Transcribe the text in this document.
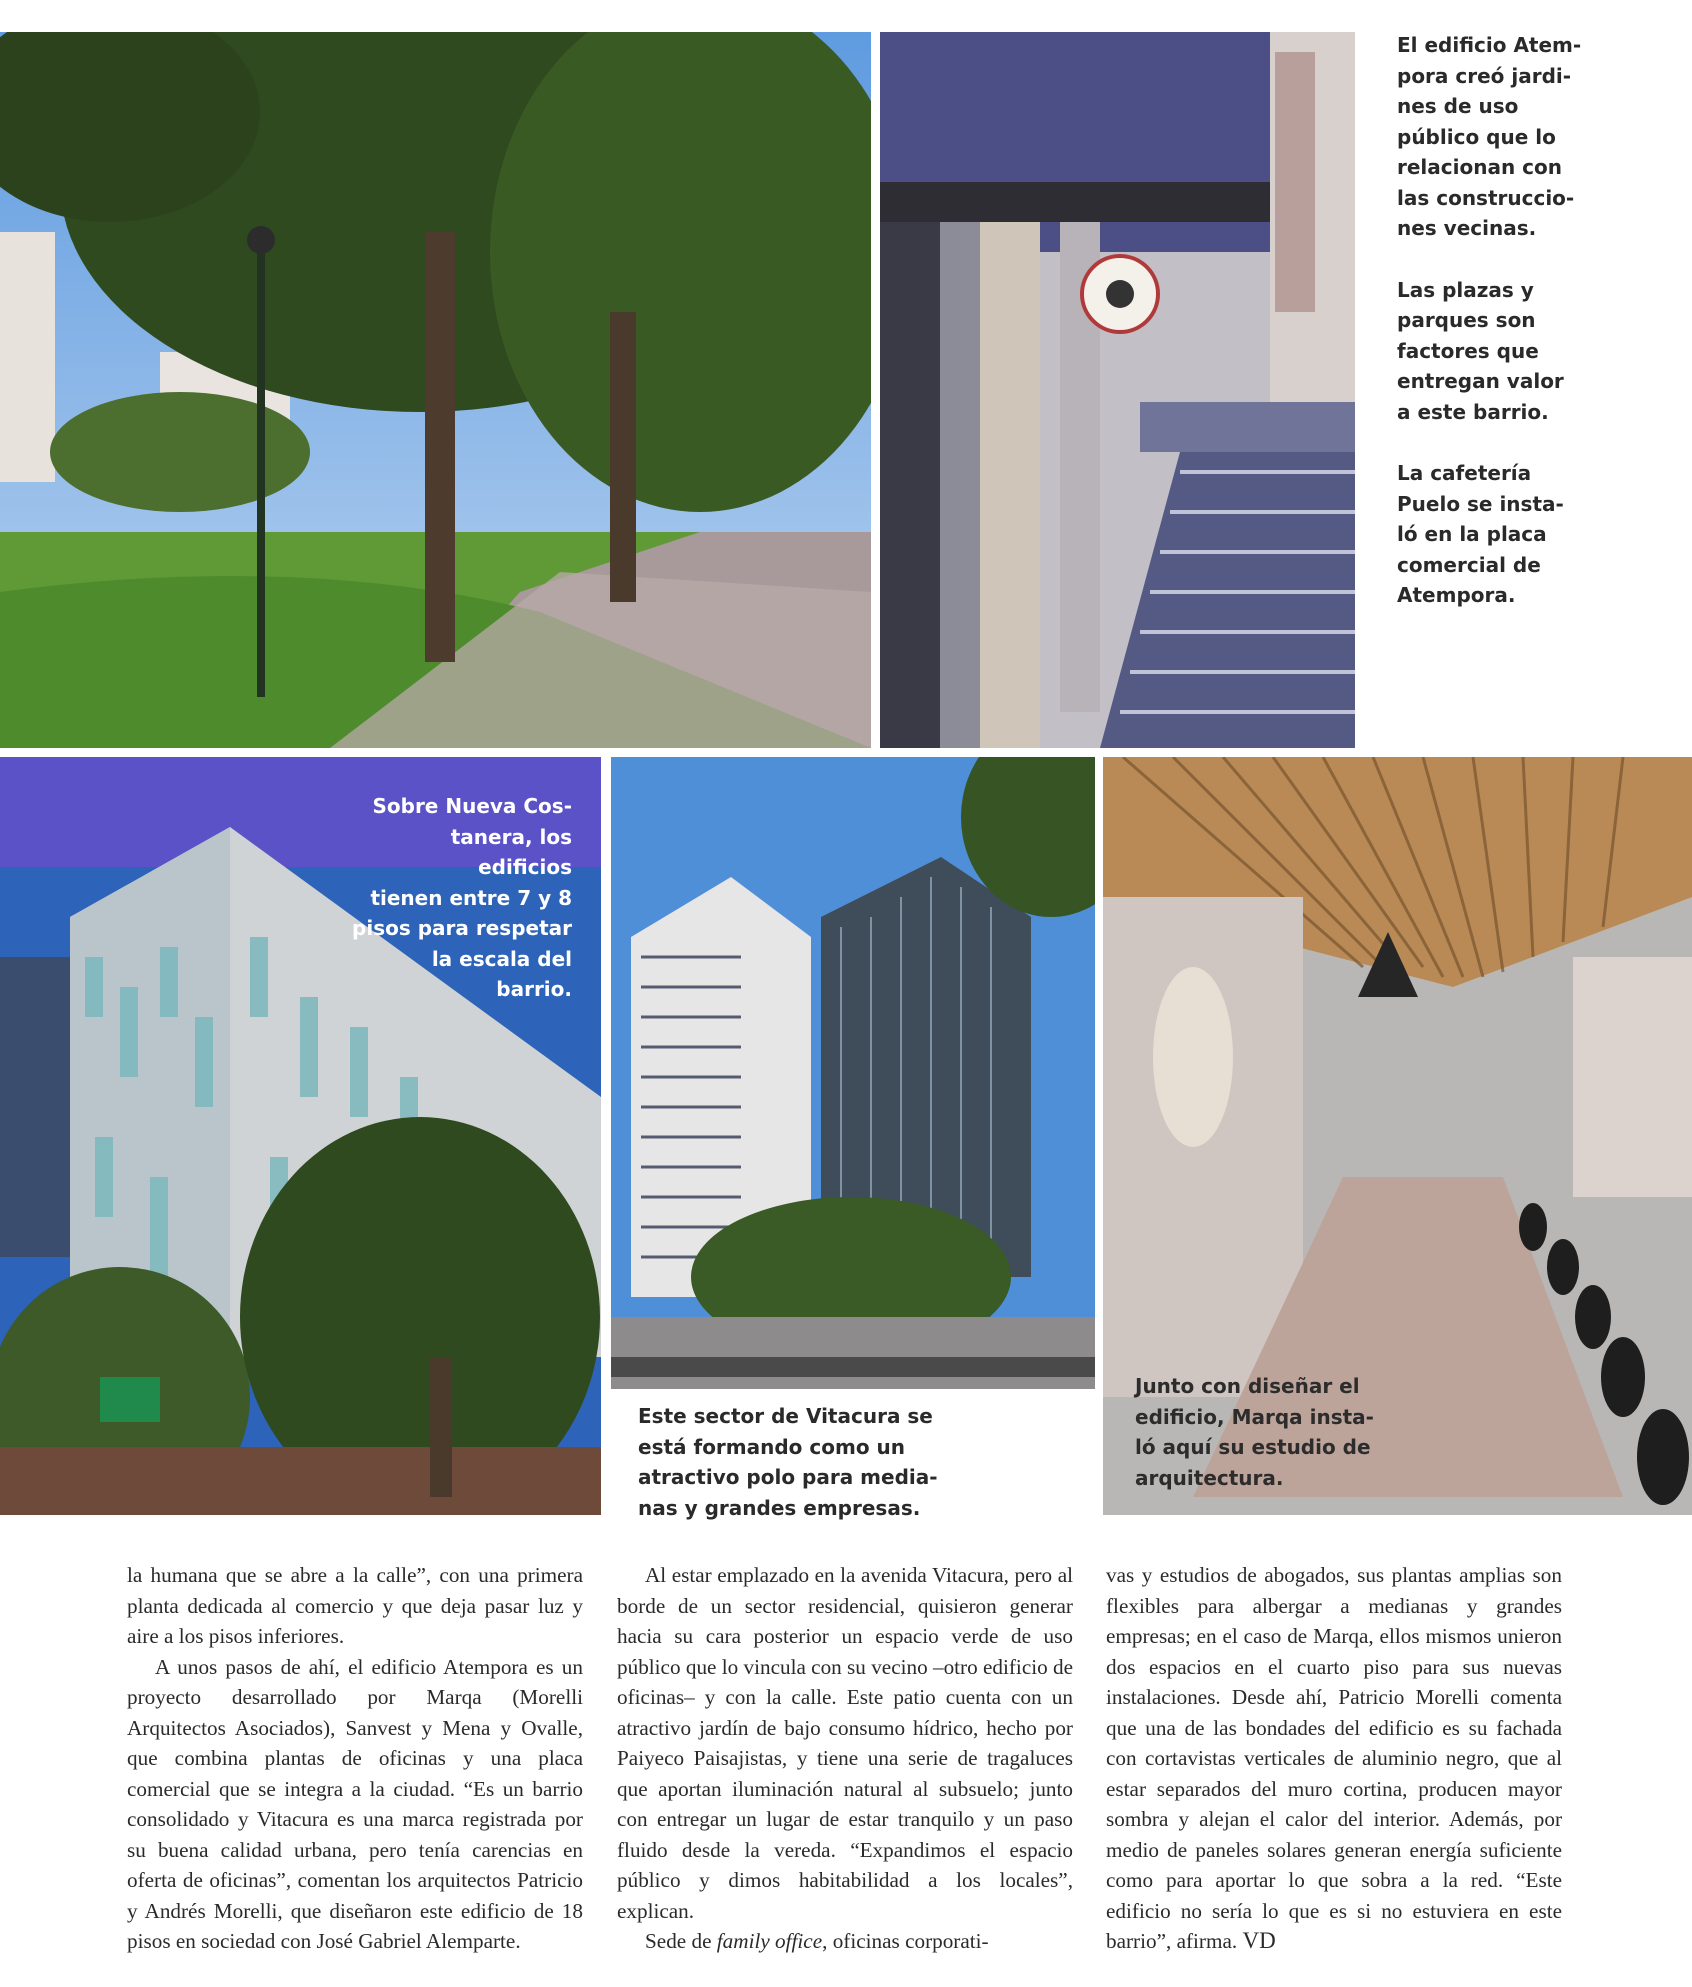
El edificio Atem-
pora creó jardi-
nes de uso
público que lo
relacionan con
las construccio-
nes vecinas.

Las plazas y
parques son
factores que
entregan valor
a este barrio.

La cafetería
Puelo se insta-
ló en la placa
comercial de
Atempora.

Sobre Nueva Cos-
tanera, los edificios
tienen entre 7 y 8
pisos para respetar
la escala del barrio.
Este sector de Vitacura se
está formando como un
atractivo polo para media-
nas y grandes empresas.
Junto con diseñar el
edificio, Marqa insta-
ló aquí su estudio de
arquitectura.

la humana que se abre a la calle”, con una primera planta dedicada al comercio y que deja pasar luz y aire a los pisos inferiores.

A unos pasos de ahí, el edificio Atempora es un proyecto desarrollado por Marqa (Morelli Arquitectos Asociados), Sanvest y Mena y Ovalle, que combina plantas de oficinas y una placa comercial que se integra a la ciudad. “Es un barrio consolidado y Vitacura es una marca registrada por su buena calidad urbana, pero tenía carencias en oferta de oficinas”, comentan los arquitectos Patricio y Andrés Morelli, que diseñaron este edificio de 18 pisos en sociedad con José Gabriel Alemparte.

Al estar emplazado en la avenida Vitacura, pero al borde de un sector residencial, quisieron generar hacia su cara posterior un espacio verde de uso público que lo vincula con su vecino –otro edificio de oficinas– y con la calle. Este patio cuenta con un atractivo jardín de bajo consumo hídrico, hecho por Paiyeco Paisajistas, y tiene una serie de tragaluces que aportan iluminación natural al subsuelo; junto con entregar un lugar de estar tranquilo y un paso fluido desde la vereda. “Expandimos el espacio público y dimos habitabilidad a los locales”, explican.

Sede de family office, oficinas corporati-

vas y estudios de abogados, sus plantas amplias son flexibles para albergar a medianas y grandes empresas; en el caso de Marqa, ellos mismos unieron dos espacios en el cuarto piso para sus nuevas instalaciones. Desde ahí, Patricio Morelli comenta que una de las bondades del edificio es su fachada con cortavistas verticales de aluminio negro, que al estar separados del muro cortina, producen mayor sombra y alejan el calor del interior. Además, por medio de paneles solares generan energía suficiente como para aportar lo que sobra a la red. “Este edificio no sería lo que es si no estuviera en este barrio”, afirma. VD
